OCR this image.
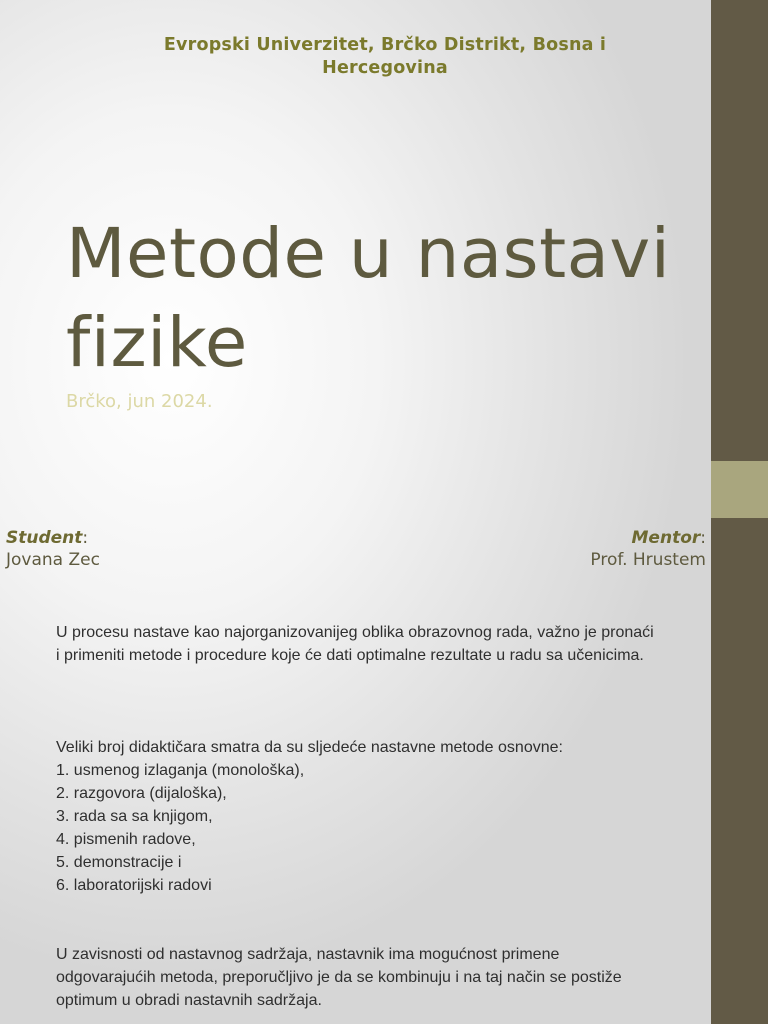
Evropski Univerzitet, Brčko Distrikt, Bosna i Hercegovina
Metode u nastavi
fizike
Brčko, jun 2024.
Student:
Jovana Zec
Mentor:
Prof. Hrustem

U procesu nastave kao najorganizovanijeg oblika obrazovnog rada, važno je pronaći i primeniti metode i procedure koje će dati optimalne rezultate u radu sa učenicima.

Veliki broj didaktičara smatra da su sljedeće nastavne metode osnovne:

1. usmenog izlaganja (monološka),
2. razgovora (dijaloška),
3. rada sa sa knjigom,
4. pismenih radove,
5. demonstracije i
6. laboratorijski radovi

U zavisnosti od nastavnog sadržaja, nastavnik ima mogućnost primene odgovarajućih metoda, preporučljivo je da se kombinuju i na taj način se postiže optimum u obradi nastavnih sadržaja.
